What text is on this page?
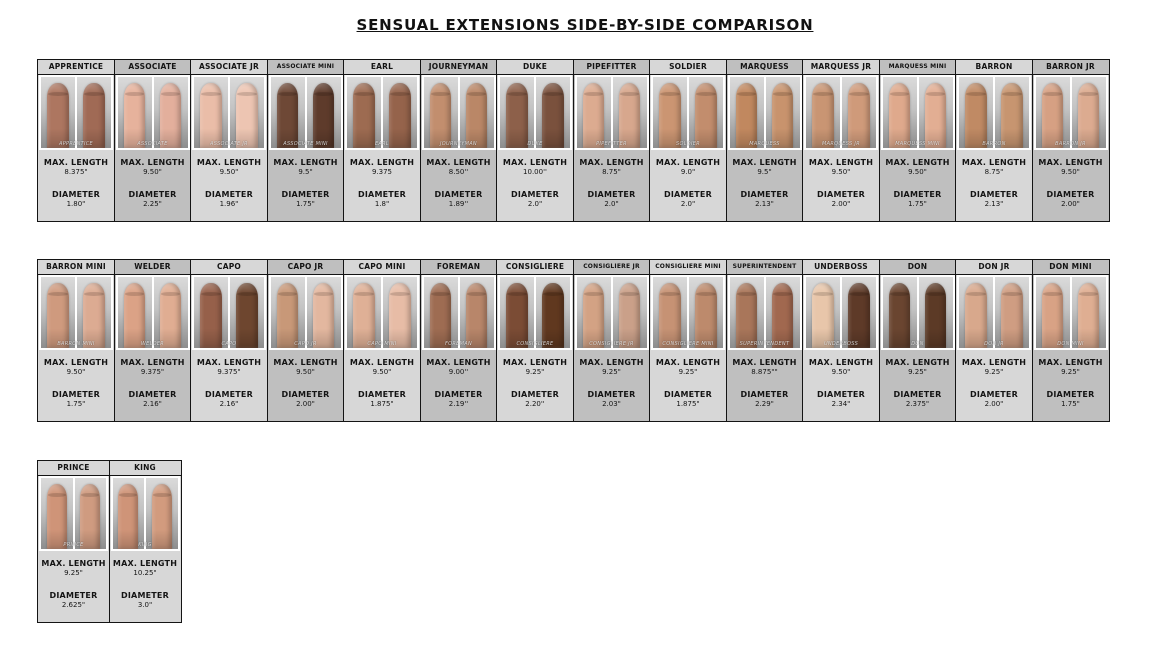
SENSUAL EXTENSIONS SIDE-BY-SIDE COMPARISON
APPRENTICE
APPRENTICE
MAX. LENGTH
8.375"
DIAMETER
1.80"
ASSOCIATE
ASSOCIATE
MAX. LENGTH
9.50"
DIAMETER
2.25"
ASSOCIATE JR
ASSOCIATE JR
MAX. LENGTH
9.50"
DIAMETER
1.96"
ASSOCIATE MINI
ASSOCIATE MINI
MAX. LENGTH
9.5"
DIAMETER
1.75"
EARL
EARL
MAX. LENGTH
9.375
DIAMETER
1.8"
JOURNEYMAN
JOURNEYMAN
MAX. LENGTH
8.50''
DIAMETER
1.89''
DUKE
DUKE
MAX. LENGTH
10.00''
DIAMETER
2.0"
PIPEFITTER
PIPEFITTER
MAX. LENGTH
8.75"
DIAMETER
2.0"
SOLDIER
SOLDIER
MAX. LENGTH
9.0"
DIAMETER
2.0"
MARQUESS
MARQUESS
MAX. LENGTH
9.5"
DIAMETER
2.13"
MARQUESS JR
MARQUESS JR
MAX. LENGTH
9.50"
DIAMETER
2.00"
MARQUESS MINI
MARQUESS MINI
MAX. LENGTH
9.50"
DIAMETER
1.75"
BARRON
BARRON
MAX. LENGTH
8.75"
DIAMETER
2.13"
BARRON JR
BARRON JR
MAX. LENGTH
9.50"
DIAMETER
2.00"
BARRON MINI
BARRON MINI
MAX. LENGTH
9.50"
DIAMETER
1.75"
WELDER
WELDER
MAX. LENGTH
9.375"
DIAMETER
2.16"
CAPO
CAPO
MAX. LENGTH
9.375"
DIAMETER
2.16"
CAPO JR
CAPO JR
MAX. LENGTH
9.50"
DIAMETER
2.00"
CAPO MINI
CAPO MINI
MAX. LENGTH
9.50"
DIAMETER
1.875"
FOREMAN
FOREMAN
MAX. LENGTH
9.00''
DIAMETER
2.19''
CONSIGLIERE
CONSIGLIERE
MAX. LENGTH
9.25"
DIAMETER
2.20''
CONSIGLIERE JR
CONSIGLIERE JR
MAX. LENGTH
9.25"
DIAMETER
2.03"
CONSIGLIERE MINI
CONSIGLIERE MINI
MAX. LENGTH
9.25"
DIAMETER
1.875"
SUPERINTENDENT
SUPERINTENDENT
MAX. LENGTH
8.875""
DIAMETER
2.29"
UNDERBOSS
UNDERBOSS
MAX. LENGTH
9.50"
DIAMETER
2.34"
DON
DON
MAX. LENGTH
9.25"
DIAMETER
2.375"
DON JR
DON JR
MAX. LENGTH
9.25"
DIAMETER
2.00"
DON MINI
DON MINI
MAX. LENGTH
9.25"
DIAMETER
1.75"
PRINCE
PRINCE
MAX. LENGTH
9.25"
DIAMETER
2.625"
KING
KING
MAX. LENGTH
10.25"
DIAMETER
3.0"
